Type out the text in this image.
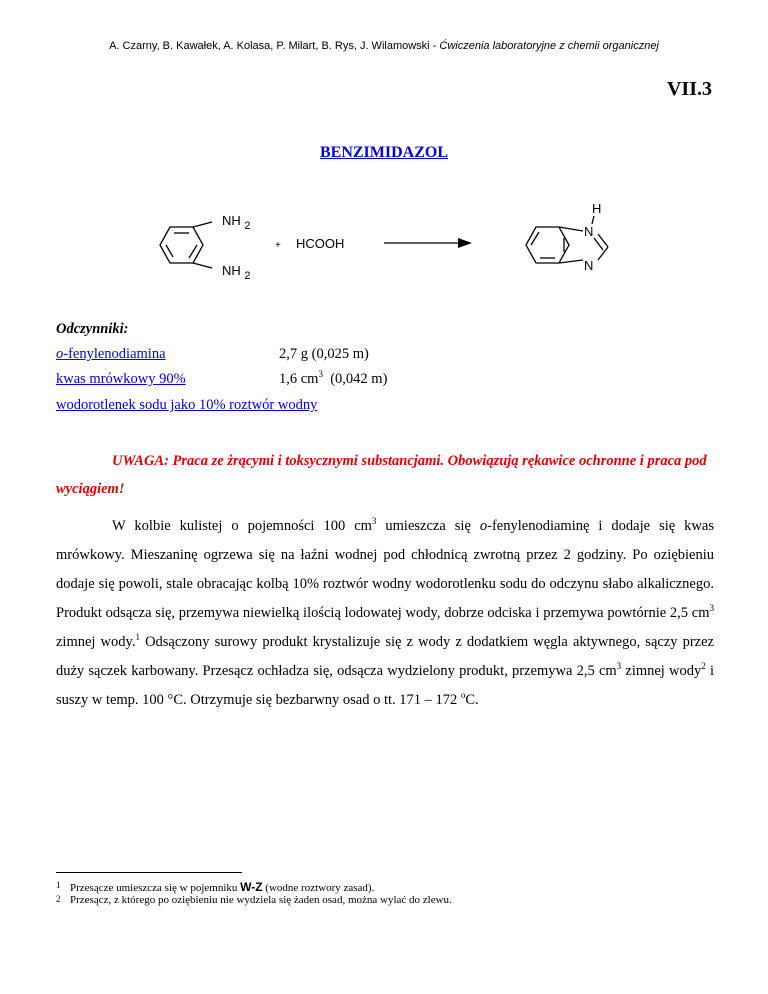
A. Czarny, B. Kawałek, A. Kolasa, P. Milart, B. Rys, J. Wilamowski - Ćwiczenia laboratoryjne z chemii organicznej
VII.3
BENZIMIDAZOL
NH $_2$
NH $_2$
+ HCOOH
H
N
N
Odczynniki:
o-fenylenodiamina	2,7 g (0,025 m)
kwas mrówkowy 90%	1,6 $cm^3$  (0,042 m)
wodorotlenek sodu jako 10% roztwór wodny
UWAGA: Praca ze żrącymi i toksycznymi substancjami. Obowiązują rękawice ochronne i praca pod wyciągiem!
W kolbie kulistej o pojemności 100 $cm^3$ umieszcza się o-fenylenodiaminę i dodaje się kwas mrówkowy. Mieszaninę ogrzewa się na łaźni wodnej pod chłodnicą zwrotną przez 2 godziny. Po oziębieniu dodaje się powoli, stale obracając kolbą 10% roztwór wodny wodorotlenku sodu do odczynu słabo alkalicznego. Produkt odsącza się, przemywa niewielką ilością lodowatej wody, dobrze odciska i przemywa powtórnie 2,5 $cm^3$  zimnej wody.$^1$ Odsączony surowy produkt krystalizuje się z wody z dodatkiem węgla aktywnego, sączy przez duży sączek karbowany. Przesącz ochładza się, odsącza wydzielony produkt, przemywa 2,5 $cm^3$ zimnej wody$^2$ i suszy w temp. 100 °C. Otrzymuje się bezbarwny osad o tt. 171 – 172 $^o$C.
1 Przesącze umieszcza się w pojemniku W-Z (wodne roztwory zasad).
2 Przesącz, z którego po oziębieniu nie wydziela się żaden osad, można wylać do zlewu.
